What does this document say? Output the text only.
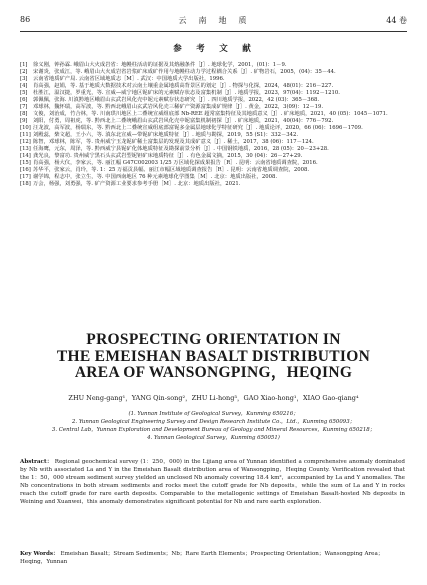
86	云　南　地　质	44 卷
参　考　文　献
[1] 徐义刚，钟孙霖. 峨眉山大火成岩省：地幔柱活动的证据及其熔融条件［J］. 地球化学，2001，(01)：1－9.
[2] 宋谢炎，张成江，等. 峨眉山大火成岩省岩浆矿床成矿作用与地幔柱动力学过程耦合关系［J］. 矿物岩石，2005，(04)：35－44.
[3] 云南省地质矿产局. 云南省区域地质志［M］. 武汉：中国地质大学出版社，1996.
[4] 肖高强，赵娟，等. 基于地质大数据技术对云南土壤重金属地质高背景区的划定［J］. 物探与化探，2024，48(01)：216－227.
[5] 杜胜江，温汉捷，罗重光，等. 宣威—威宁地区铌矿床的元素赋存状态及富集机制［J］. 地质学报，2023，97(04)：1192－1210.
[6] 郭佩佩，张海. 川滇黔地区峨眉山玄武岩风化壳中铌元素赋存状态研究［J］. 四川地质学报，2022，42 (03)：365－368.
[7] 邓球林，魏怀瑞，高军波，等. 黔西北峨眉山玄武岩风化壳三稀矿产资源富集成矿规律［J］. 黄金，2022，3(09)：12－19.
[8] 文俊，刘治成，竹合林，等. 川南珙川地区上二叠统宣威组底部 Nb-REE 超常富集特征及其地质意义［J］. 矿床地质，2021，40 (05)：1045－1071.
[9] 刘阳，付勇，周祖虎，等. 黔西北上二叠统峨眉山玄武岩风化壳中铌富集机制初探［J］. 矿床地质，2021，40(04)：776－792.
[10] 汪龙波，高军波，杨瑞东，等. 黔西北上二叠统宣威组底部富铌多金属层地球化学特征研究［J］. 地质论评，2020，66 (06)：1696－1709.
[11] 刘殿蕊，柴文超，王小六，等. 滇东北宣威—带铌矿床地质特征［J］. 地质与勘探，2019，55 (S1)：332－342.
[12] 陈智，邓球林，陈军，等. 贵州威宁玉龙铌矿稀土富集层的发现及其成矿意义［J］. 稀土，2017，38 (06)：117－124.
[13] 任海鹰，元东，周泽，等. 黔西威宁县铌矿化体地质特征及勘探前景分析［J］. 中国钢铁地质，2016，28 (05)：20－23+28.
[14] 龚光良，黎富功. 贵州威宁黑石头玄武岩型铌钽矿床地质特征［J］. 有色金属文摘，2015，30 (04)：26－27+29.
[15] 肖高强，杨大仪，李家云，等. 丽江幅 G47C002003 1/25 万区域化探成果报告［R］. 昆明：云南省地质调查院，2016.
[16] 苏华平，张家云，肖玲，等. 1：25 万福贡县幅、丽江市幅区域地质调查报告［R］. 昆明：云南省地质调查院，2008.
[17] 谢学锦，程志中，张立生，等. 中国西南地区 76 种元素地球化学图集［M］. 北京：地质出版社，2008.
[18] 万会，杨强，刘勇强，等. 矿产资源工业要求参考手册［M］. 北京：地质出版社，2021.
PROSPECTING ORIENTATION IN
THE EMEISHAN BASALT DISTRIBUTION
AREA OF WANSONGPING，HEQING
ZHU Neng-gang¹，YANG Qin-song²，ZHU Li-hong³，GAO Xiao-hong¹，XIAO Gao-qiang⁴
(1. Yunnan Institute of Geological Survey，Kunming 650216；
2. Yunnan Geological Engineering Survey and Design Research Institute Co.，Ltd.，Kunming 650093；
3. Central Lab，Yunnan Exploration and Development Bureau of Geology and Mineral Resources，Kunming 650218；
4. Yunnan Geological Survey，Kunming 650051)
Abstract： Regional geochemical survey (1：250，000) in the Lijiang area of Yunnan identified a comprehensive anomaly dominated by Nb with associated La and Y in the Emeishan Basalt distribution area of Wansongping，Heqing County. Verification revealed that the 1：50，000 stream sediment survey yielded an unclosed Nb anomaly covering 18.4 km²，accompanied by La and Y anomalies. The Nb concentrations in both stream sediments and rocks meet the cutoff grade for Nb deposits，while the sum of La and Y in rocks reach the cutoff grade for rare earth deposits. Comparable to the metallogenic settings of Emeishan Basalt-hosted Nb deposits in Weining and Xuanwei，this anomaly demonstrates significant potential for Nb and rare earth exploration.
Key Words： Emeishan Basalt；Stream Sediments；Nb；Rare Earth Elements；Prospecting Orientation；Wansongping Area；Heqing，Yunnan
